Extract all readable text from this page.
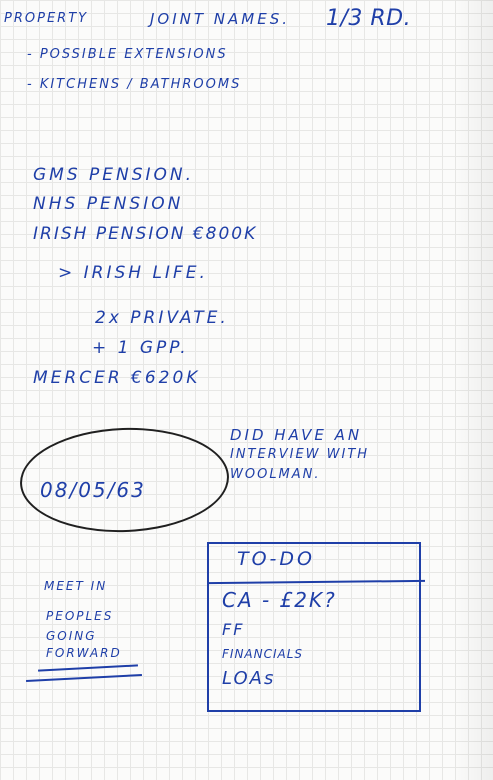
PROPERTY	JOINT NAMES. 1/3 RD.
- POSSIBLE EXTENSIONS
- KITCHENS / BATHROOMS
GMS PENSION.
NHS PENSION
IRISH PENSION €800K
> IRISH LIFE.
2x PRIVATE.
+ 1 GPP.
MERCER €620K
DID HAVE AN
INTERVIEW WITH
WOOLMAN.
08/05/63
MEET IN
PEOPLES
GOING
FORWARD
TO-DO
CA - £2K?
FF
FINANCIALS
LOAs
